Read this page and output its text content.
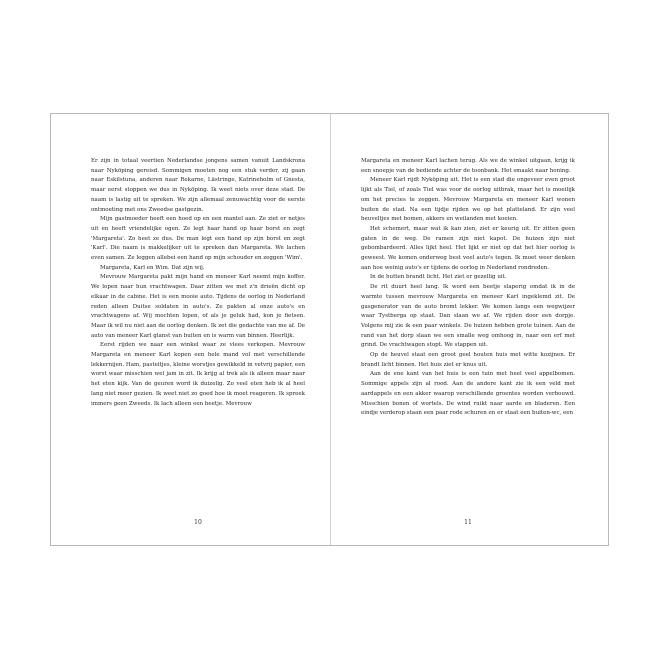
Er zijn in totaal veertien Nederlandse jongens samen vanuit Landskrona naar Nyköping gereisd. Sommigen moeten nog een stuk verder, zij gaan naar Eskilstuna, anderen naar Rekarne, Lästringe, Katrineholm of Gnesta, maar eerst stoppen we dus in Nyköping. Ik weet niets over deze stad. De naam is lastig uit te spreken. We zijn allemaal zenuwachtig voor de eerste ontmoeting met ons Zweedse gastgezin.

Mijn gastmoeder heeft een hoed op en een mantel aan. Ze ziet er netjes uit en heeft vriendelijke ogen. Ze legt haar hand op haar borst en zegt 'Margareta'. Zo heet ze dus. De man legt een hand op zijn borst en zegt 'Karl'. Die naam is makkelijker uit te spreken dan Margareta. We lachen even samen. Ze leggen allebei een hand op mijn schouder en zeggen 'Wim'.

Margareta, Karl en Wim. Dat zijn wij.

Mevrouw Margareta pakt mijn hand en meneer Karl neemt mijn koffer. We lopen naar hun vrachtwagen. Daar zitten we met z'n drieën dicht op elkaar in de cabine. Het is een mooie auto. Tijdens de oorlog in Nederland reden alleen Duitse soldaten in auto's. Ze pakten al onze auto's en vrachtwagens af. Wij mochten lopen, of als je geluk had, kon je fietsen. Maar ik wil nu niet aan de oorlog denken. Ik zet die gedachte van me af. De auto van meneer Karl glanst van buiten en is warm van binnen. Heerlijk.

Eerst rijden we naar een winkel waar ze vlees verkopen. Mevrouw Margareta en meneer Karl kopen een hele mand vol met verschillende lekkernijen. Ham, pasteitjes, kleine worstjes gewikkeld in vetvrij papier, een worst waar misschien wel jam in zit. Ik krijg al trek als ik alleen maar naar het eten kijk. Van de geuren word ik duizelig. Zo veel eten heb ik al heel lang niet meer gezien. Ik weet niet zo goed hoe ik moet reageren. Ik spreek immers geen Zweeds. Ik lach alleen een beetje. Mevrouw

10

Margareta en meneer Karl lachen terug. Als we de winkel uitgaan, krijg ik een snoepje van de bediende achter de toonbank. Het smaakt naar honing.

Meneer Karl rijdt Nyköping uit. Het is een stad die ongeveer even groot lijkt als Tiel, of zoals Tiel was voor de oorlog uitbrak, maar het is moeilijk om het precies te zeggen. Mevrouw Margareta en meneer Karl wonen buiten de stad. Na een tijdje rijden we op het platteland. Er zijn veel heuveltjes met bomen, akkers en weilanden met koeien.

Het schemert, maar wat ik kan zien, ziet er keurig uit. Er zitten geen gaten in de weg. De ramen zijn niet kapot. De huizen zijn niet gebombardeerd. Alles lijkt heel. Het lijkt er niet op dat het hier oorlog is geweest. We komen onderweg best veel auto's tegen. Ik moet weer denken aan hoe weinig auto's er tijdens de oorlog in Nederland rondreden.

In de hutten brandt licht. Het ziet er gezellig uit.

De rit duurt heel lang. Ik word een beetje slaperig omdat ik in de warmte tussen mevrouw Margareta en meneer Karl ingeklemd zit. De gasgenerator van de auto bromt lekker. We komen langs een wegwijzer waar Tystberga op staat. Dan slaan we af. We rijden door een dorpje. Volgens mij zie ik een paar winkels. De huizen hebben grote tuinen. Aan de rand van het dorp slaan we een smalle weg omhoog in, naar een erf met grind. De vrachtwagen stopt. We stappen uit.

Op de heuvel staat een groot geel houten huis met witte kozijnen. Er brandt licht binnen. Het huis ziet er knus uit.

Aan de ene kant van het huis is een tuin met heel veel appelbomen. Sommige appels zijn al rood. Aan de andere kant zie ik een veld met aardappels en een akker waarop verschillende groentes worden verbouwd. Misschien bonen of wortels. De wind ruikt naar aarde en bladeren. Een eindje verderop staan een paar rode schuren en er staat een buiten-wc, een

11
